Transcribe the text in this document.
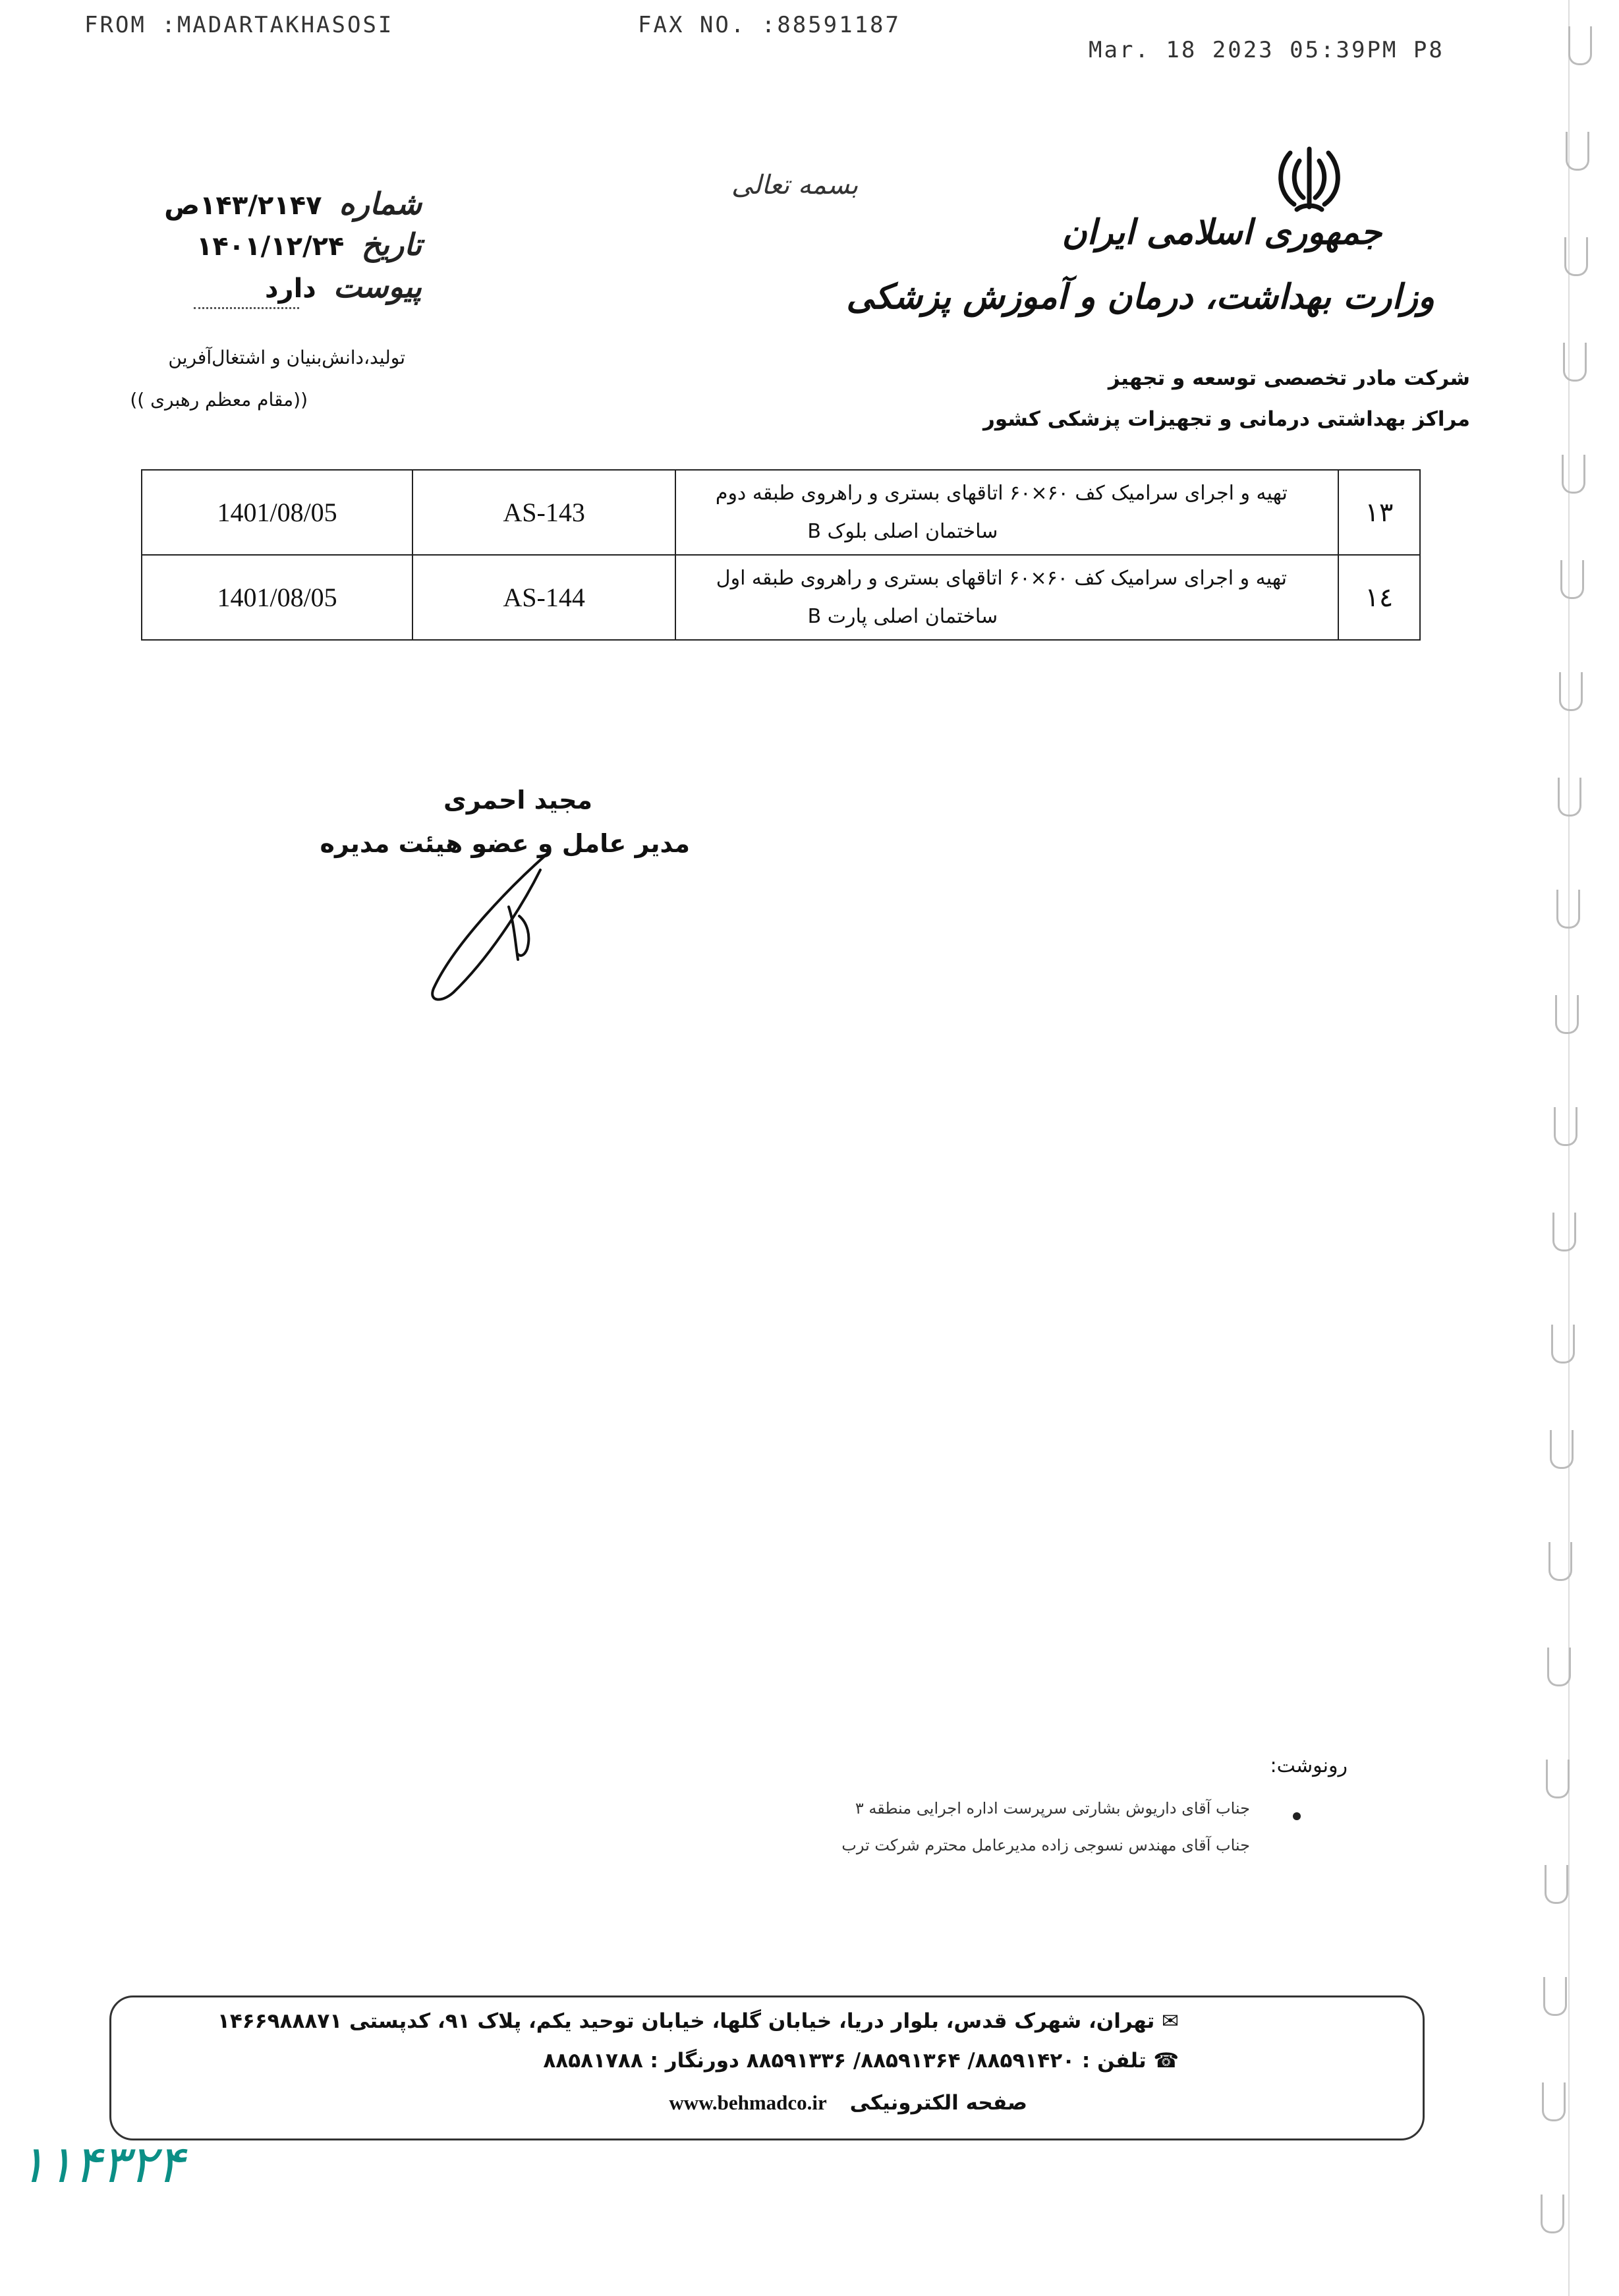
FROM :MADARTAKHASOSI	FAX NO. :88591187
Mar. 18 2023 05:39PM P8
بسمه تعالی
جمهوری اسلامی ایران
وزارت بهداشت، درمان و آموزش پزشکی
شرکت مادر تخصصی توسعه و تجهیز
مراکز بهداشتی درمانی و تجهیزات پزشکی کشور
شماره
۱۴۳/۲۱۴۷ص
تاریخ
۱۴۰۱/۱۲/۲۴
پیوست
دارد
تولید،دانش‌بنیان و اشتغال‌آفرین
((مقام معظم رهبری ))
۱۳	تهیه و اجرای سرامیک کف ۶۰×۶۰ اتاقهای بستری و راهروی طبقه دوم
ساختمان اصلی بلوک B	AS-143	1401/08/05
۱٤	تهیه و اجرای سرامیک کف ۶۰×۶۰ اتاقهای بستری و راهروی طبقه اول
ساختمان اصلی پارت B	AS-144	1401/08/05
مجید احمری
مدیر عامل و عضو هیئت مدیره
رونوشت:
جناب آقای داریوش بشارتی سرپرست اداره اجرایی منطقه ۳
جناب آقای مهندس نسوجی زاده مدیرعامل محترم شرکت ترب
✉ تهران، شهرک قدس، بلوار دریا، خیابان گلها، خیابان توحید یکم، پلاک ۹۱، کدپستی ۱۴۶۶۹۸۸۸۷۱
☎ تلفن : ۸۸۵۹۱۴۲۰/ ۸۸۵۹۱۳۶۴/ ۸۸۵۹۱۳۳۶ دورنگار : ۸۸۵۸۱۷۸۸
صفحه الکترونیکی www.behmadco.ir
۱۱۴۳۲۴
